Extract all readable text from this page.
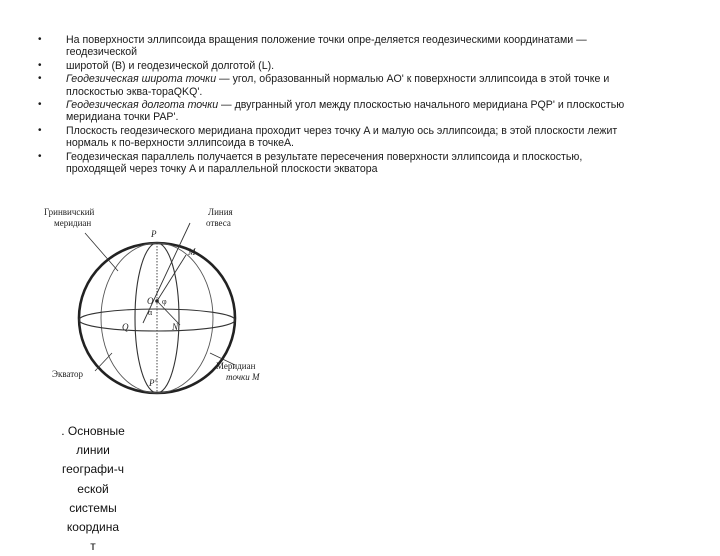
• На поверхности эллипсоида вращения положение точки опре-деляется геодезическими координатами — геодезической
• широтой (B) и геодезической долготой (L).
• Геодезическая широта точки — угол, образованный нормалью AO' к поверхности эллипсоида в этой точке и плоскостью эква-тораQKQ'.
• Геодезическая долгота точки — двугранный угол между плоскостью начального меридиана PQP' и плоскостью меридиана точки PAP'.
• Плоскость геодезического меридиана проходит через точку A и малую ось эллипсоида; в этой плоскости лежит нормаль к по-верхности эллипсоида в точкеA.
• Геодезическая параллель получается в результате пересечения поверхности эллипсоида и плоскостью, проходящей через точку A и параллельной плоскости экватора
Гринвичский
меридиан
Линия
отвеса
Экватор
Меридиан
точки M
P
P'
Q	N
O
M
φ
α
. Основные
линии
географи-ч
еской
системы
координа
т
